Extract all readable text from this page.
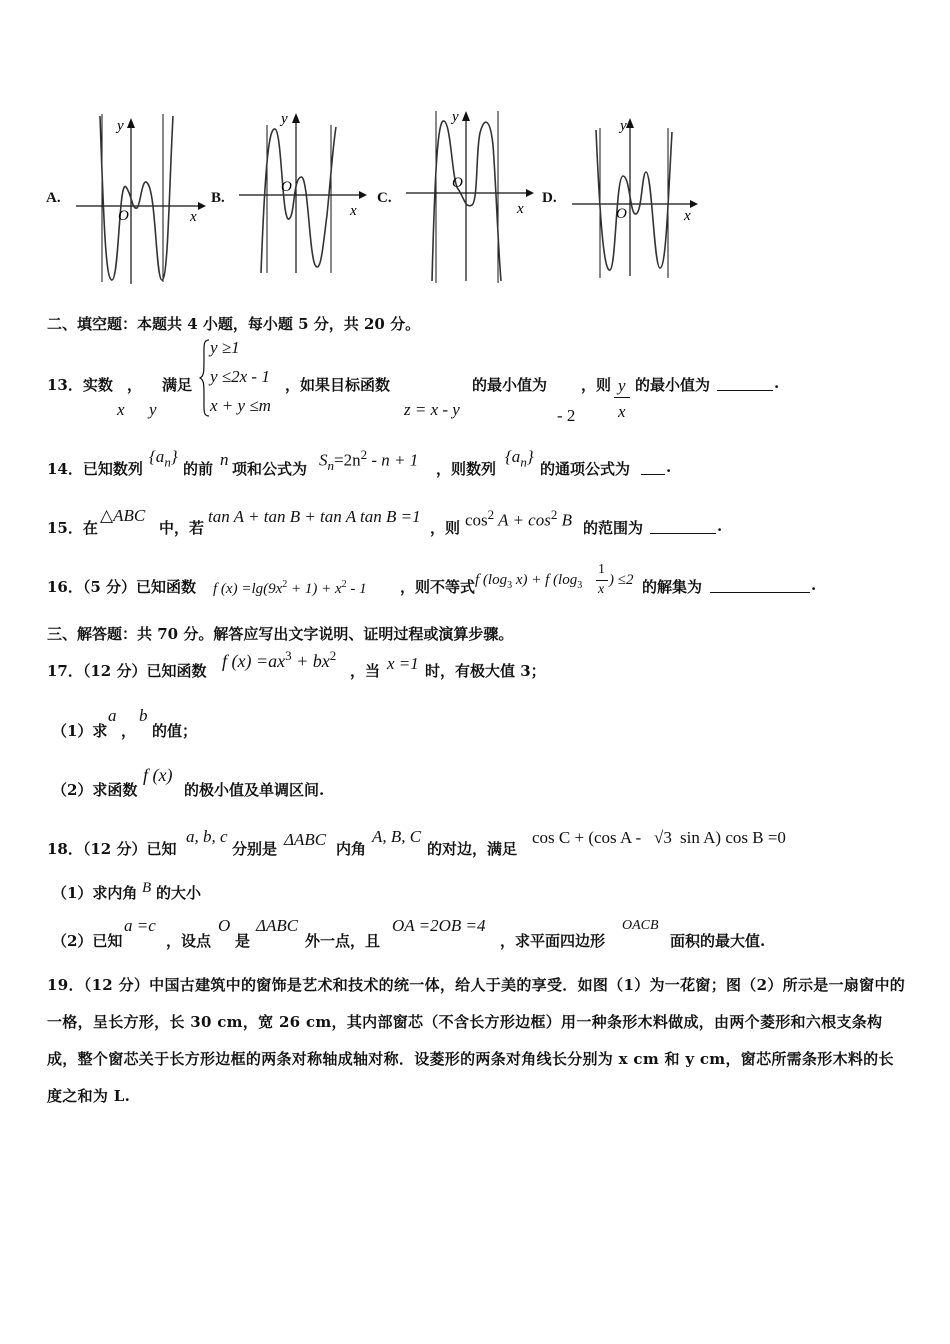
A.
y
x
O
B.
y
x
O
C.
y
x
O
D.
y
x
O
二、填空题：本题共 4 小题，每小题 5 分，共 20 分。
13．实数 ， 满足
x y
y ≥1
y ≤2x - 1
x + y ≤m
，如果目标函数
z = x - y
的最小值为
- 2
，则 y
x
的最小值为	.
14．已知数列
$\{a_n\}$
的前 n 项和公式为 $S_n=2n^2 - n + 1$ ，则数列
$\{a_n\}$
的通项公式为 .
15．在
△ABC
中，若
tan A + tan B + tan A tan B =1
，则 $\cos^2 A + \cos^2 B$ 的范围为	.
16．（5 分）已知函数 f $(x) =\lg(9x^2 + 1) + x^2 - 1$ ，则不等式 f ($\log_3$ x) + f ($\log_3$
1
x
) ≤2 的解集为	.
三、解答题：共 70 分。解答应写出文字说明、证明过程或演算步骤。
17．（12 分）已知函数 f $(x) =ax^3 + bx^2$
，当 x =1 时，有极大值 3；
（1）求
a
，
b
的值；
（2）求函数
f (x)
的极小值及单调区间.
18．（12 分）已知
a, b, c
分别是 ΔABC 内角
A, B, C
的对边，满足
cos C + (cos A - √3 sin A) cos B =0
（1）求内角 B 的大小
（2）已知
a =c
，设点
O
是
ΔABC
外一点，且
OA =2OB =4
，求平面四边形
OACB
面积的最大值.
19．（12 分）中国古建筑中的窗饰是艺术和技术的统一体，给人于美的享受．如图（1）为一花窗；图（2）所示是一扇窗中的一格，呈长方形，长 30 cm，宽 26 cm，其内部窗芯（不含长方形边框）用一种条形木料做成，由两个菱形和六根支条构成，整个窗芯关于长方形边框的两条对称轴成轴对称．设菱形的两条对角线长分别为 x cm 和 y cm，窗芯所需条形木料的长度之和为 L.
